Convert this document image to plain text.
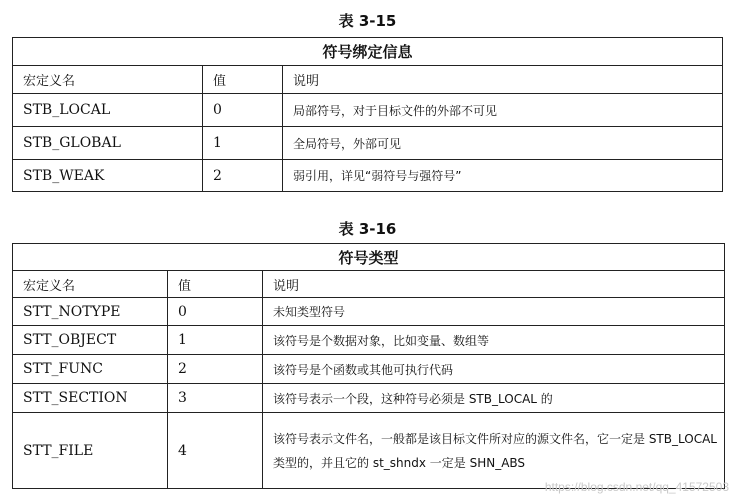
表 3-15
符号绑定信息		
宏定义名	值	说明
STB_LOCAL	0	局部符号，对于目标文件的外部不可见
STB_GLOBAL	1	全局符号，外部可见
STB_WEAK	2	弱引用，详见“弱符号与强符号”
表 3-16
符号类型		
宏定义名	值	说明
STT_NOTYPE	0	未知类型符号
STT_OBJECT	1	该符号是个数据对象，比如变量、数组等
STT_FUNC	2	该符号是个函数或其他可执行代码
STT_SECTION	3	该符号表示一个段，这种符号必须是 STB_LOCAL 的
STT_FILE	4	该符号表示文件名，一般都是该目标文件所对应的源文件名，它一定是 STB_LOCAL 类型的，并且它的 st_shndx 一定是 SHN_ABS
https://blog.csdn.net/qq_41572503
